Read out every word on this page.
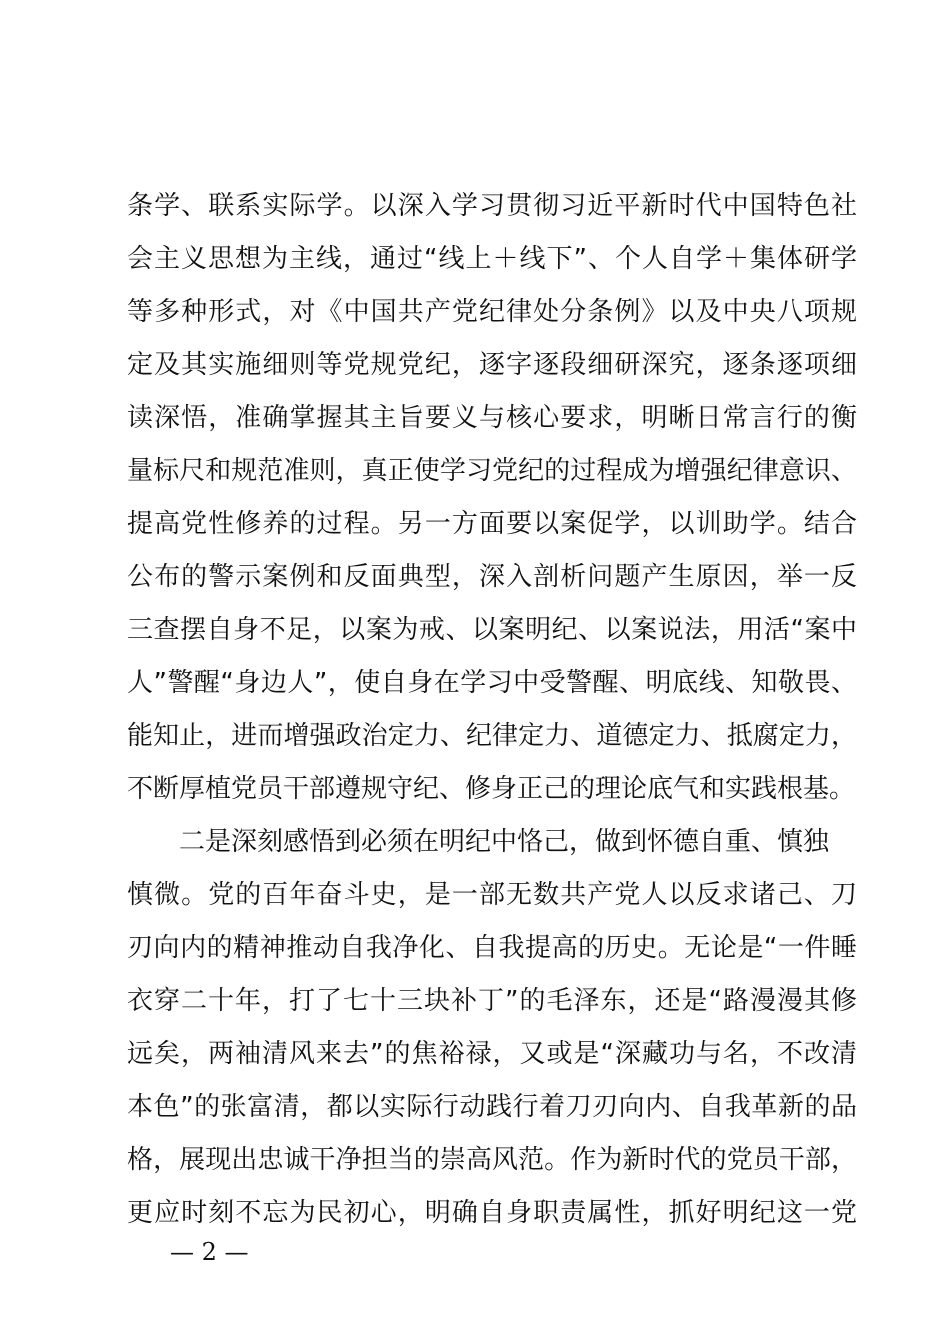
条学、联系实际学。以深入学习贯彻习近平新时代中国特色社
会主义思想为主线，通过“线上＋线下”、个人自学＋集体研学
等多种形式，对《中国共产党纪律处分条例》以及中央八项规
定及其实施细则等党规党纪，逐字逐段细研深究，逐条逐项细
读深悟，准确掌握其主旨要义与核心要求，明晰日常言行的衡
量标尺和规范准则，真正使学习党纪的过程成为增强纪律意识、
提高党性修养的过程。另一方面要以案促学，以训助学。结合
公布的警示案例和反面典型，深入剖析问题产生原因，举一反
三查摆自身不足，以案为戒、以案明纪、以案说法，用活“案中
人”警醒“身边人”，使自身在学习中受警醒、明底线、知敬畏、
能知止，进而增强政治定力、纪律定力、道德定力、抵腐定力，
不断厚植党员干部遵规守纪、修身正己的理论底气和实践根基。
二是深刻感悟到必须在明纪中恪己，做到怀德自重、慎独
慎微。党的百年奋斗史，是一部无数共产党人以反求诸己、刀
刃向内的精神推动自我净化、自我提高的历史。无论是“一件睡
衣穿二十年，打了七十三块补丁”的毛泽东，还是“路漫漫其修
远矣，两袖清风来去”的焦裕禄，又或是“深藏功与名，不改清
本色”的张富清，都以实际行动践行着刀刃向内、自我革新的品
格，展现出忠诚干净担当的崇高风范。作为新时代的党员干部，
更应时刻不忘为民初心，明确自身职责属性，抓好明纪这一党
— 2 —
